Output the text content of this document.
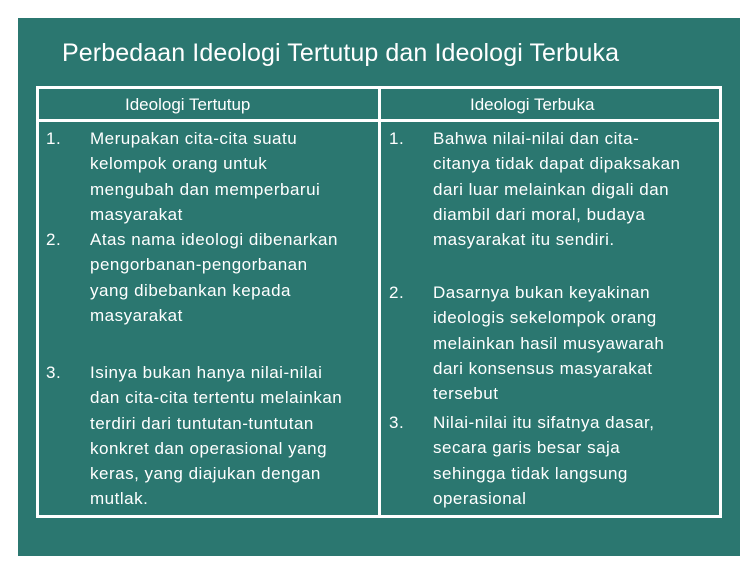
Perbedaan Ideologi Tertutup dan Ideologi Terbuka
Ideologi Tertutup	Ideologi Terbuka
1. Merupakan cita-cita suatu kelompok orang untuk mengubah dan memperbarui masyarakat
2. Atas nama ideologi dibenarkan pengorbanan-pengorbanan yang dibebankan kepada masyarakat
3. Isinya bukan hanya nilai-nilai dan cita-cita tertentu melainkan terdiri dari tuntutan-tuntutan konkret dan operasional yang keras, yang diajukan dengan mutlak.
1. Bahwa nilai-nilai dan cita-citanya tidak dapat dipaksakan dari luar melainkan digali dan diambil dari moral, budaya masyarakat itu sendiri.
2. Dasarnya bukan keyakinan ideologis sekelompok orang melainkan hasil musyawarah dari konsensus masyarakat tersebut
3. Nilai-nilai itu sifatnya dasar, secara garis besar saja sehingga tidak langsung operasional
